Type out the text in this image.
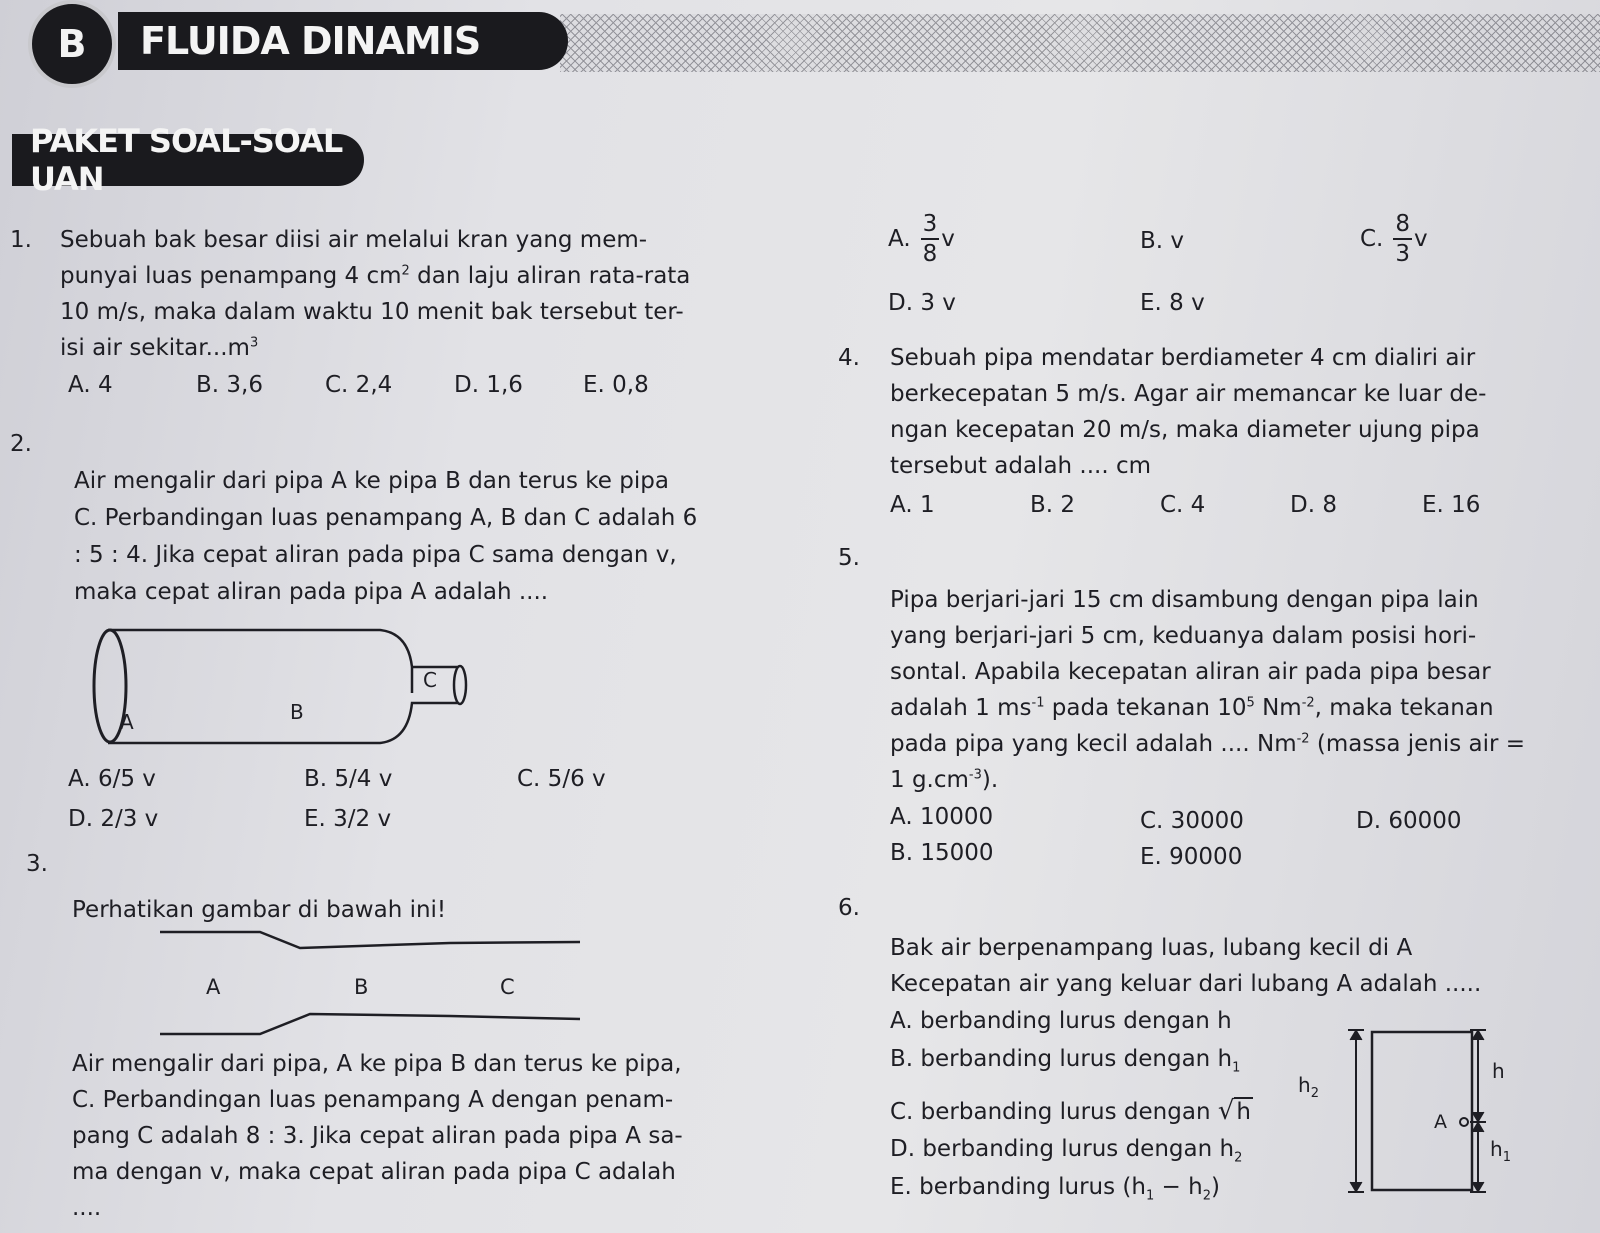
FLUIDA DINAMIS
B
PAKET SOAL-SOAL UAN
1. Sebuah bak besar diisi air melalui kran yang mem-
punyai luas penampang 4 $cm^2$ dan laju aliran rata-rata
10 m/s, maka dalam waktu 10 menit bak tersebut ter-
isi air $sekitar...m^3$
A. 4	B. 3,6	C. 2,4	D. 1,6	E. 0,8
2.
Air mengalir dari pipa A ke pipa B dan terus ke pipa
C. Perbandingan luas penampang A, B dan C adalah 6
: 5 : 4. Jika cepat aliran pada pipa C sama dengan v,
maka cepat aliran pada pipa A adalah ....
A	B
C
A. 6/5 v	B. 5/4 v	C. 5/6 v
D. 2/3 v	E. 3/2 v
3.
Perhatikan gambar di bawah ini!
A	B	C
Air mengalir dari pipa, A ke pipa B dan terus ke pipa,
C. Perbandingan luas penampang A dengan penam-
pang C adalah 8 : 3. Jika cepat aliran pada pipa A sa-
ma dengan v, maka cepat aliran pada pipa C adalah
....
A. $\frac{3}{8}$ v	B. v	C. $\frac{8}{3}$ v
D. 3 v	E. 8 v
4. Sebuah pipa mendatar berdiameter 4 cm dialiri air
berkecepatan 5 m/s. Agar air memancar ke luar de-
ngan kecepatan 20 m/s, maka diameter ujung pipa
tersebut adalah .... cm
A. 1	B. 2	C. 4	D. 8	E. 16
5.
Pipa berjari-jari 15 cm disambung dengan pipa lain
yang berjari-jari 5 cm, keduanya dalam posisi hori-
sontal. Apabila kecepatan aliran air pada pipa besar
adalah 1 $ms^{-1}$ pada tekanan $10^5$ $Nm^{-2}$, maka tekanan
pada pipa yang kecil adalah .... $Nm^{-2}$ (massa jenis air =
1 $g.cm^{-3}$).
A. 10000	C. 30000	D. 60000
B. 15000	E. 90000
6.
Bak air berpenampang luas, lubang kecil di A
Kecepatan air yang keluar dari lubang A adalah .....
A. berbanding lurus dengan h
B. berbanding lurus dengan $h_1$
C. berbanding lurus dengan √h
D. berbanding lurus dengan $h_2$
E. berbanding lurus $(h_1 - h_2)$
h
$h_2$
A
$h_1$
